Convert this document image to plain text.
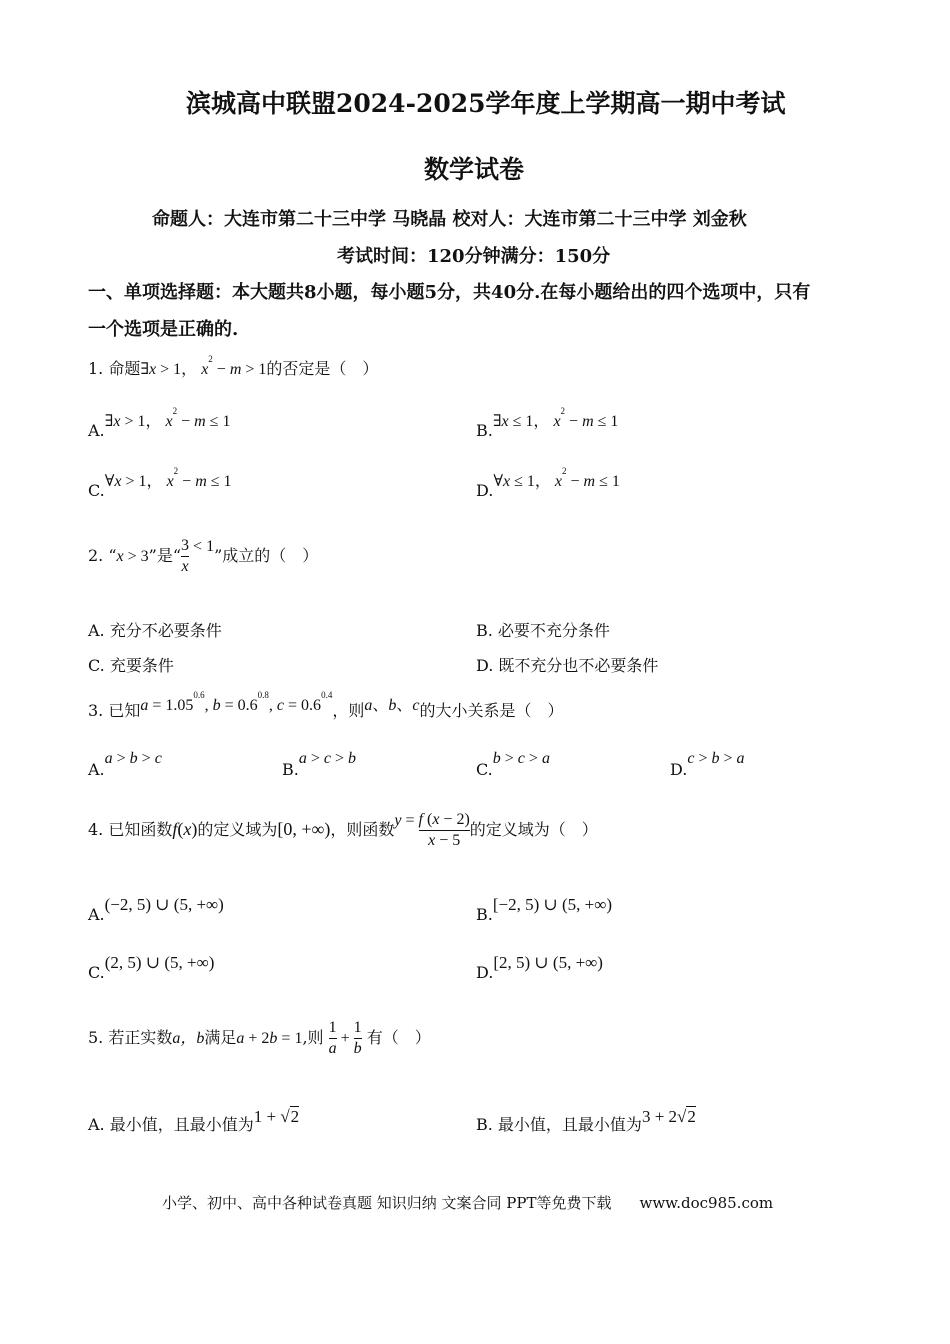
滨城高中联盟2024-2025学年度上学期高一期中考试
数学试卷
命题人：大连市第二十三中学 马晓晶 校对人：大连市第二十三中学 刘金秋
考试时间：120分钟满分：150分
一、单项选择题：本大题共8小题，每小题5分，共40分.在每小题给出的四个选项中，只有
一个选项是正确的.
1. 命题∃x > 1， $x^2 - m > 1$的否定是（　）
A.∃x > 1， $x^2 - m \le 1$	B.∃x ≤ 1， $x^2 - m \le 1$
C.∀x > 1， $x^2 - m \le 1$	D.∀x ≤ 1， $x^2 - m \le 1$
2. “x > 3”是“ $\frac{3}{x} < 1$”成立的（　）
A. 充分不必要条件	B. 必要不充分条件
C. 充要条件	D. 既不充分也不必要条件
3. 已知$a = 1.05^{0.6}$, $b = 0.6^{0.8}$, $c = 0.6^{0.4}$，则a、b、c的大小关系是（　）
A.a > b > c
B.a > c > b
C.b > c > a
D.c > b > a
4. 已知函数f(x)的定义域为[0, +∞)，则函数$y = \frac{f (x - 2)}{x - 5}$ 的定义域为（　）
A.(−2, 5) ∪ (5, +∞)
B.[−2, 5) ∪ (5, +∞)
C.(2, 5) ∪ (5, +∞)
D.[2, 5) ∪ (5, +∞)
5. 若正实数a，b满足a + 2b = 1,则 $\frac{1}{a} + \frac{1}{b}$ 有（　）
A. 最小值，且最小值为1 + √2	B. 最小值，且最小值为3 + 2√2
小学、初中、高中各种试卷真题 知识归纳 文案合同 PPT等免费下载 www.doc985.com
